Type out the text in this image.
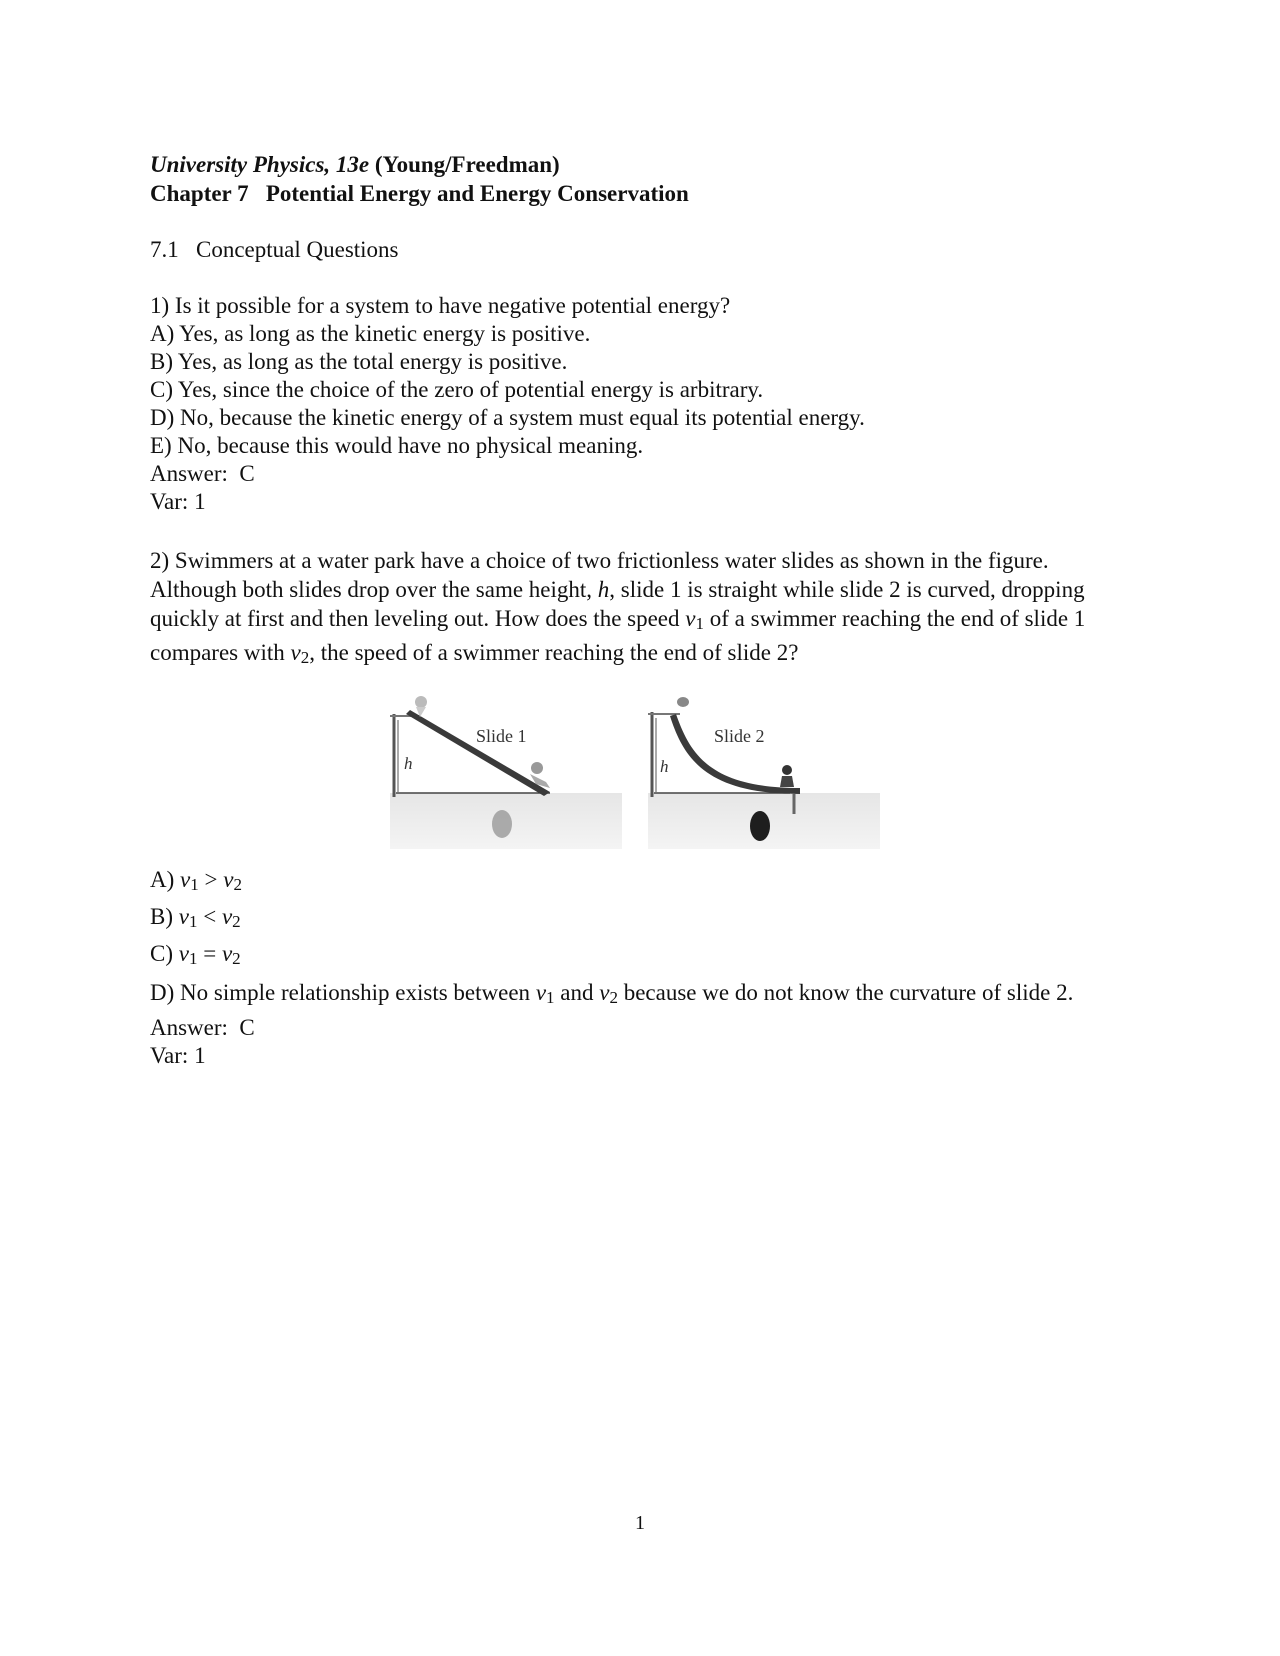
University Physics, 13e (Young/Freedman)
Chapter 7   Potential Energy and Energy Conservation
7.1   Conceptual Questions
1) Is it possible for a system to have negative potential energy?
A) Yes, as long as the kinetic energy is positive.
B) Yes, as long as the total energy is positive.
C) Yes, since the choice of the zero of potential energy is arbitrary.
D) No, because the kinetic energy of a system must equal its potential energy.
E) No, because this would have no physical meaning.
Answer:  C
Var: 1
2) Swimmers at a water park have a choice of two frictionless water slides as shown in the figure. Although both slides drop over the same height, h, slide 1 is straight while slide 2 is curved, dropping quickly at first and then leveling out. How does the speed $v_1$ of a swimmer reaching the end of slide 1 compares with $v_2$, the speed of a swimmer reaching the end of slide 2?
h
Slide 1
h
Slide 2
A) $v_1 > v_2$
B) $v_1 < v_2$
C) $v_1 = v_2$
D) No simple relationship exists between $v_1$ and $v_2$ because we do not know the curvature of slide 2.
Answer:  C
Var: 1
1
